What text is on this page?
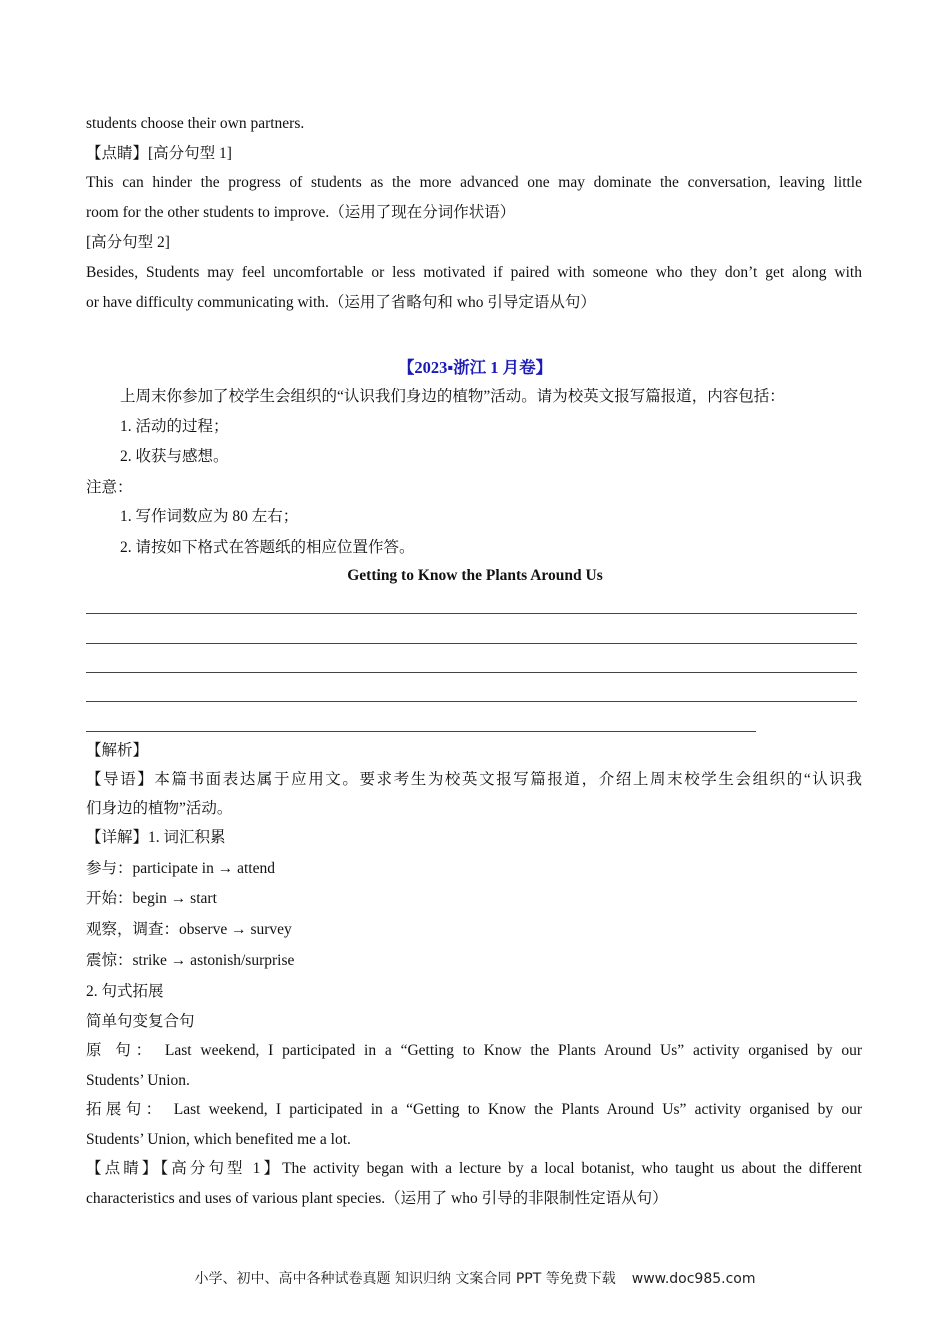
students choose their own partners.
【点睛】[高分句型 1]
This can hinder the progress of students as the more advanced one may dominate the conversation, leaving little
room for the other students to improve.（运用了现在分词作状语）
[高分句型 2]
Besides, Students may feel uncomfortable or less motivated if paired with someone who they don’t get along with
or have difficulty communicating with.（运用了省略句和 who 引导定语从句）
【2023▪浙江 1 月卷】
上周末你参加了校学生会组织的“认识我们身边的植物”活动。请为校英文报写篇报道，内容包括：
1. 活动的过程；
2. 收获与感想。
注意：
1. 写作词数应为 80 左右；
2. 请按如下格式在答题纸的相应位置作答。
Getting to Know the Plants Around Us
【解析】
【导语】本篇书面表达属于应用文。要求考生为校英文报写篇报道，介绍上周末校学生会组织的“认识我
们身边的植物”活动。
【详解】1. 词汇积累
参与：participate in → attend
开始：begin → start
观察，调查：observe → survey
震惊：strike → astonish/surprise
2. 句式拓展
简单句变复合句
原 句： Last weekend, I participated in a “Getting to Know the Plants Around Us” activity organised by our
Students’ Union.
拓展句： Last weekend, I participated in a “Getting to Know the Plants Around Us” activity organised by our
Students’ Union, which benefited me a lot.
【点睛】【高分句型 1】The activity began with a lecture by a local botanist, who taught us about the different
characteristics and uses of various plant species.（运用了 who 引导的非限制性定语从句）
小学、初中、高中各种试卷真题 知识归纳 文案合同 PPT 等免费下载 www.doc985.com
